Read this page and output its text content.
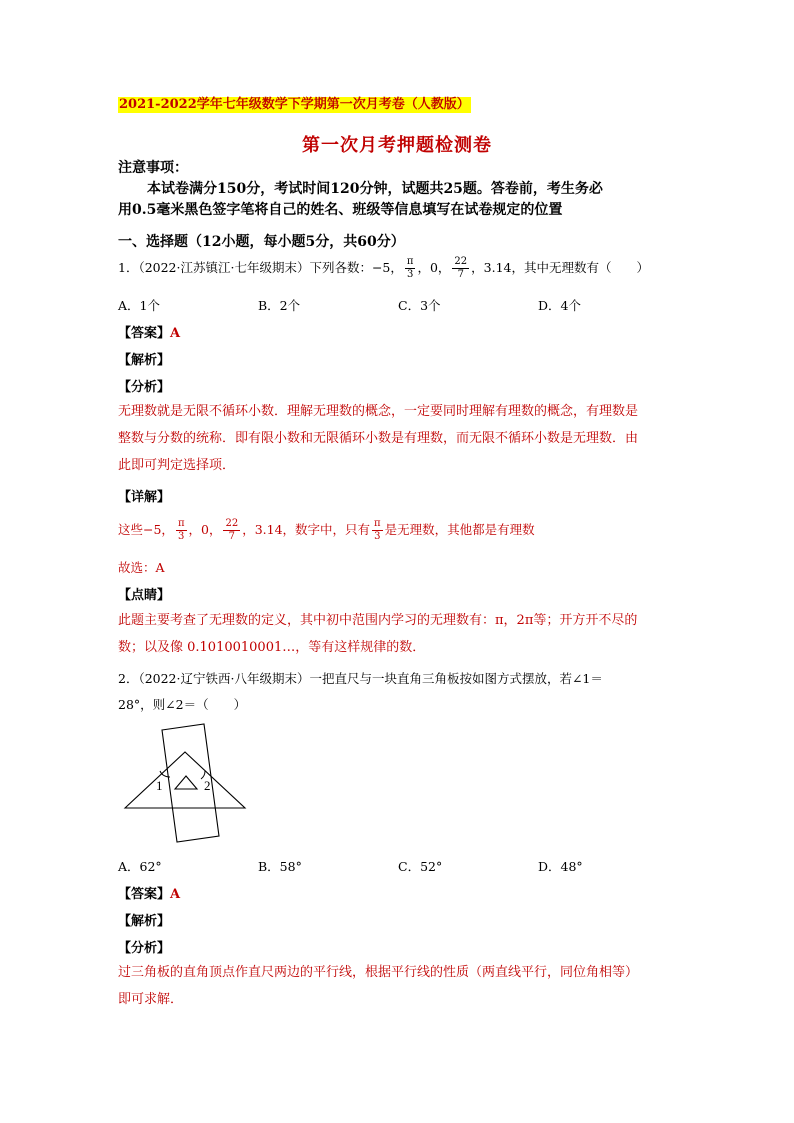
2021-2022学年七年级数学下学期第一次月考卷（人教版）
第一次月考押题检测卷
注意事项：
本试卷满分150分，考试时间120分钟，试题共25题。答卷前，考生务必
用0.5毫米黑色签字笔将自己的姓名、班级等信息填写在试卷规定的位置
一、选择题（12小题，每小题5分，共60分）
1．（2022·江苏镇江·七年级期末）下列各数：−5， $\frac{\pi}{3}$ ，0， $\frac{22}{7}$ ，3.14，其中无理数有（　　）
A．1个	B．2个	C．3个	D．4个
【答案】A
【解析】
【分析】
无理数就是无限不循环小数．理解无理数的概念，一定要同时理解有理数的概念，有理数是
整数与分数的统称．即有限小数和无限循环小数是有理数，而无限不循环小数是无理数．由
此即可判定选择项．
【详解】
这些−5， $\frac{\pi}{3}$ ，0， $\frac{22}{7}$ ，3.14，数字中，只有 $\frac{\pi}{3}$ 是无理数，其他都是有理数
故选：A
【点睛】
此题主要考查了无理数的定义，其中初中范围内学习的无理数有：π，2π等；开方开不尽的
数；以及像 0.1010010001…，等有这样规律的数．
2．（2022·辽宁铁西·八年级期末）一把直尺与一块直角三角板按如图方式摆放，若∠1＝
28°，则∠2＝（　　）
1	2
A．62°	B．58°	C．52°	D．48°
【答案】A
【解析】
【分析】
过三角板的直角顶点作直尺两边的平行线，根据平行线的性质（两直线平行，同位角相等）
即可求解．
